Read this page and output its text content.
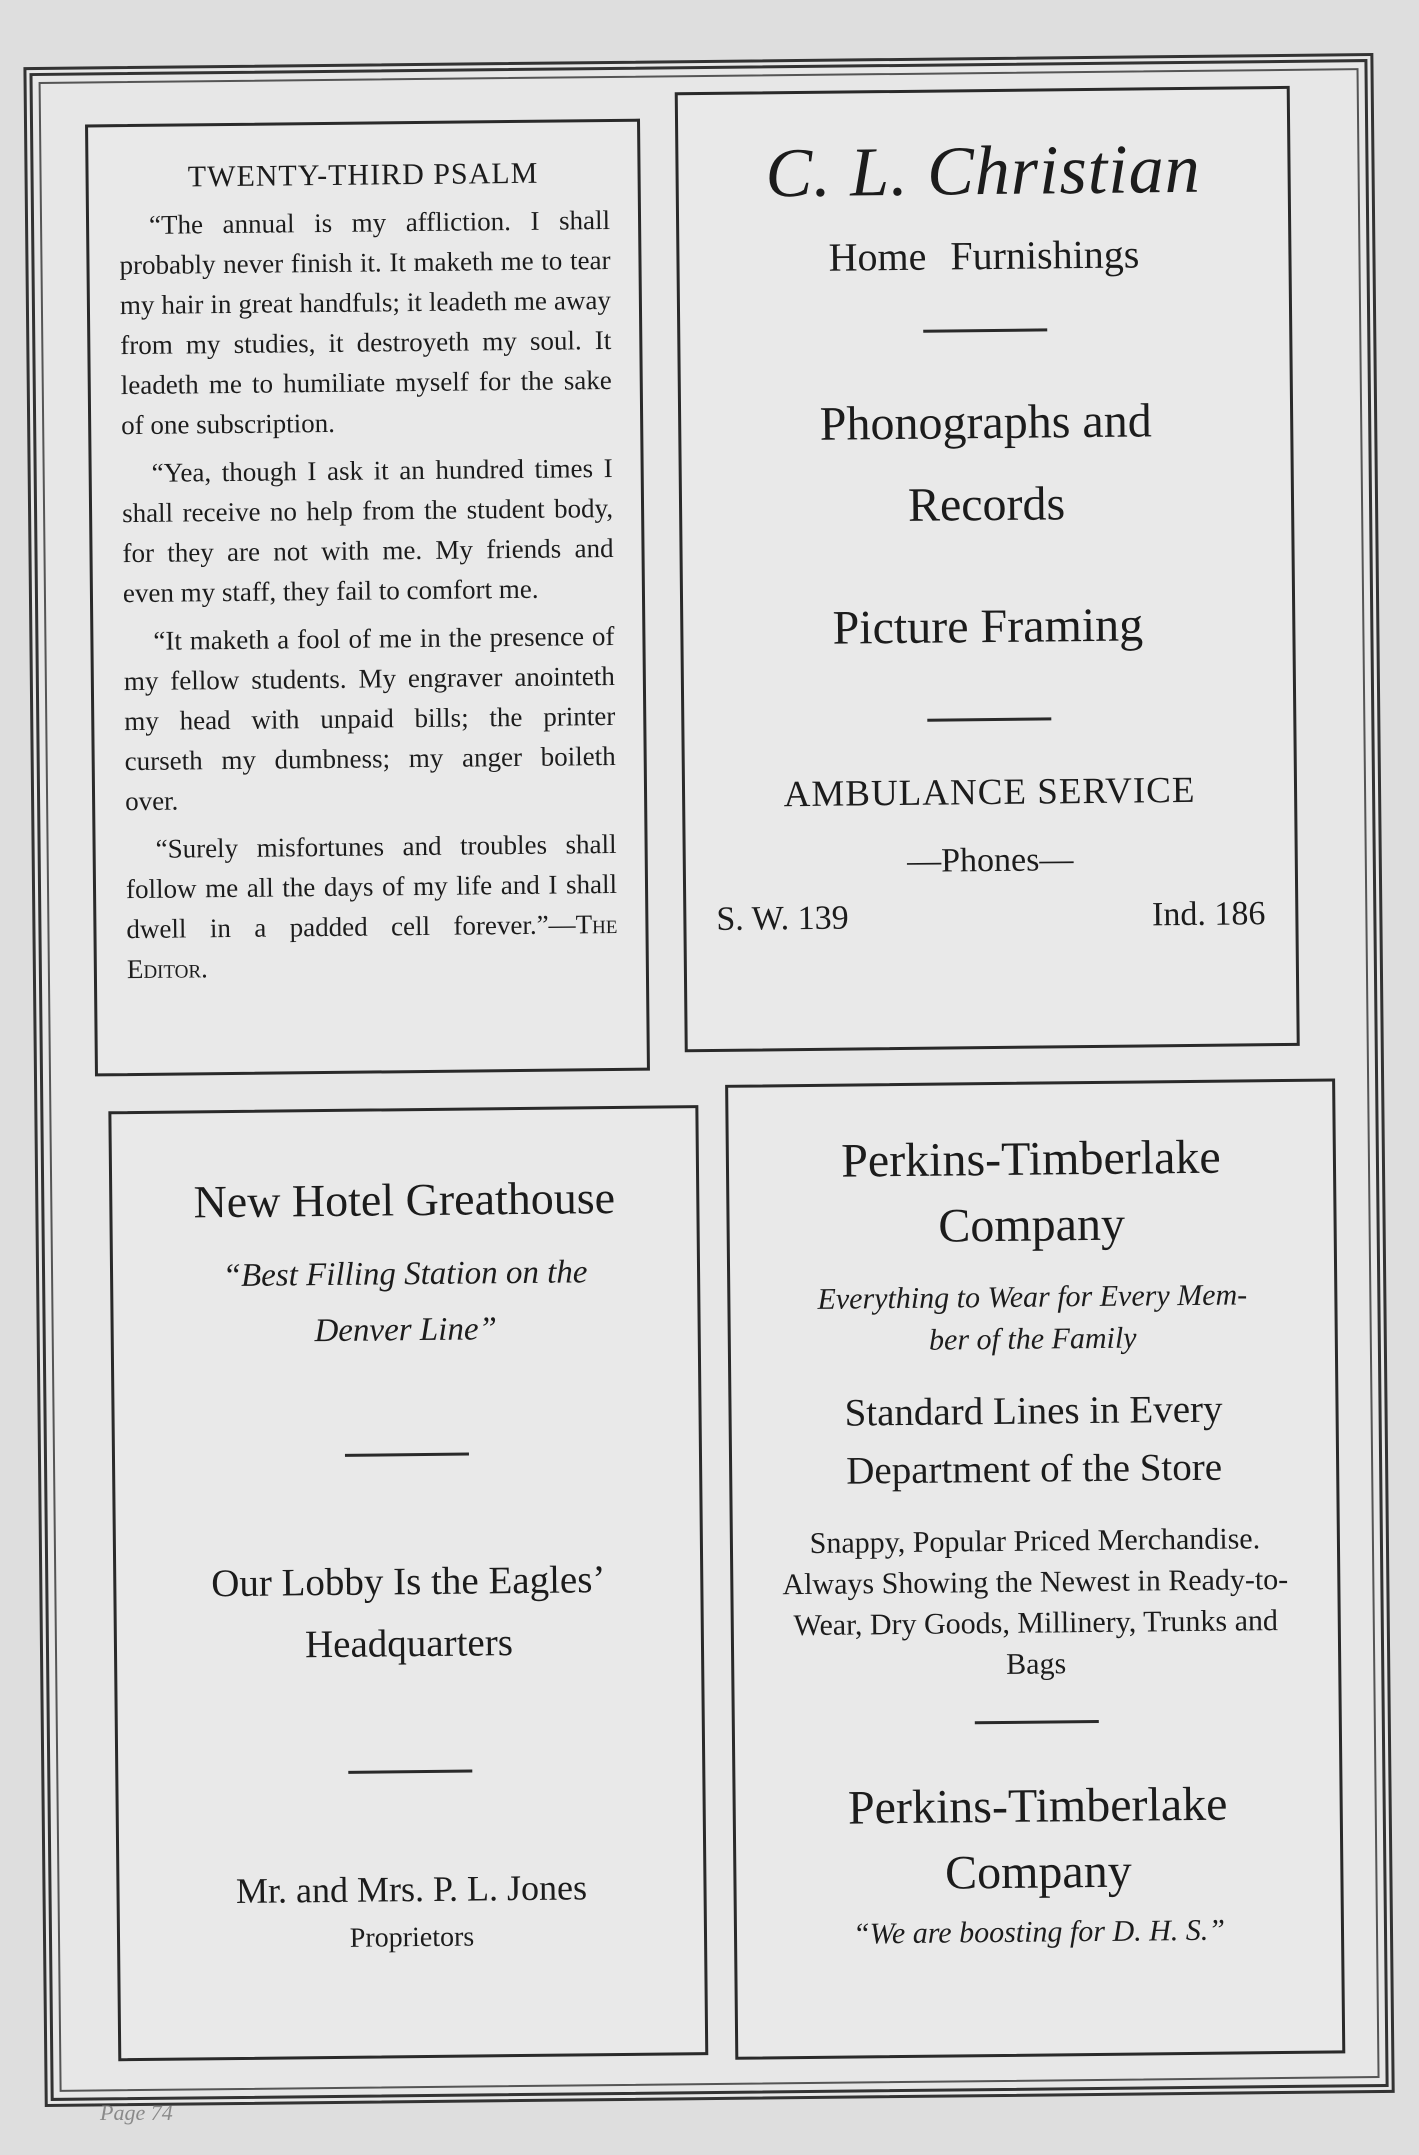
TWENTY-THIRD PSALM

“The annual is my affliction. I shall probably never finish it. It maketh me to tear my hair in great handfuls; it leadeth me away from my studies, it destroyeth my soul. It leadeth me to humiliate myself for the sake of one subscription.

“Yea, though I ask it an hundred times I shall receive no help from the student body, for they are not with me. My friends and even my staff, they fail to comfort me.

“It maketh a fool of me in the presence of my fellow students. My engraver anointeth my head with unpaid bills; the printer curseth my dumbness; my anger boileth over.

“Surely misfortunes and troubles shall follow me all the days of my life and I shall dwell in a padded cell forever.”—The Editor.

C. L. Christian
Home Furnishings
Phonographs and
Records
Picture Framing
AMBULANCE SERVICE
—Phones—
S. W. 139	Ind. 186
New Hotel Greathouse
“Best Filling Station on the
Denver Line”
Our Lobby Is the Eagles’
Headquarters
Mr. and Mrs. P. L. Jones
Proprietors
Perkins-Timberlake
Company
Everything to Wear for Every Mem-
ber of the Family
Standard Lines in Every
Department of the Store
Snappy, Popular Priced Merchandise. Always Showing the Newest in Ready-to-Wear, Dry Goods, Millinery, Trunks and Bags
Perkins-Timberlake
Company
“We are boosting for D. H. S.”
Page 74
